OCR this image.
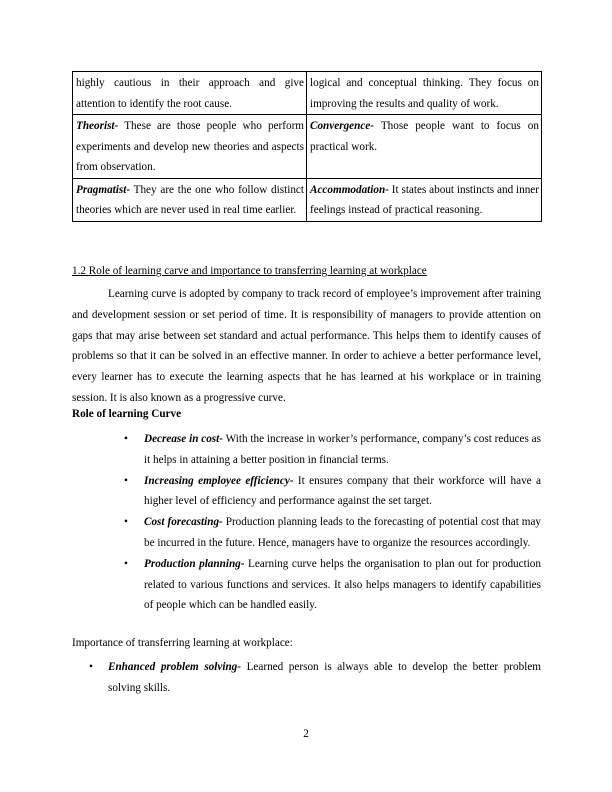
highly cautious in their approach and give attention to identify the root cause.	logical and conceptual thinking. They focus on improving the results and quality of work.
Theorist- These are those people who perform experiments and develop new theories and aspects from observation.	Convergence- Those people want to focus on practical work.
Pragmatist- They are the one who follow distinct theories which are never used in real time earlier.	Accommodation- It states about instincts and inner feelings instead of practical reasoning.
1.2 Role of learning carve and importance to transferring learning at workplace

Learning curve is adopted by company to track record of employee’s improvement after training and development session or set period of time. It is responsibility of managers to provide attention on gaps that may arise between set standard and actual performance. This helps them to identify causes of problems so that it can be solved in an effective manner. In order to achieve a better performance level, every learner has to execute the learning aspects that he has learned at his workplace or in training session. It is also known as a progressive curve.

Role of learning Curve
• Decrease in cost- With the increase in worker’s performance, company’s cost reduces as it helps in attaining a better position in financial terms.
• Increasing employee efficiency- It ensures company that their workforce will have a higher level of efficiency and performance against the set target.
• Cost forecasting- Production planning leads to the forecasting of potential cost that may be incurred in the future. Hence, managers have to organize the resources accordingly.
• Production planning- Learning curve helps the organisation to plan out for production related to various functions and services. It also helps managers to identify capabilities of people which can be handled easily.
Importance of transferring learning at workplace:
• Enhanced problem solving- Learned person is always able to develop the better problem solving skills.
2
